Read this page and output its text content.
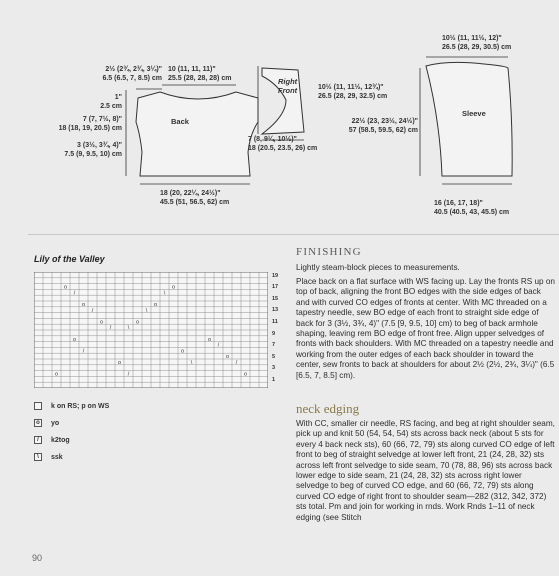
2½ (2¾, 2¾, 3¼)"
6.5 (6.5, 7, 8.5) cm
10 (11, 11, 11)"
25.5 (28, 28, 28) cm
1"
2.5 cm
7 (7, 7½, 8)"
18 (18, 19, 20.5) cm
3 (3½, 3¾, 4)"
7.5 (9, 9.5, 10) cm
Back
18 (20, 22¼, 24½)"
45.5 (51, 56.5, 62) cm
Right
Front	10½ (11, 11½, 12¾)"
26.5 (28, 29, 32.5) cm
7 (8, 9¼, 10½)"
18 (20.5, 23.5, 26) cm
10½ (11, 11½, 12)"
26.5 (28, 29, 30.5) cm
Sleeve
22½ (23, 23½, 24½)"
57 (58.5, 59.5, 62) cm
16 (16, 17, 18)"
40.5 (40.5, 43, 45.5) cm
Lily of the Valley
o
/
o
/
o
/
o
\
o
\
o
\
o
/
o
/
o
o
/	o
\
o
/
o
19
17
15
13
11
9
7
5
3
1
k on RS; p on WS
o	yo
/	k2tog
\	ssk
FINISHING
Lightly steam-block pieces to measurements.
Place back on a flat surface with WS facing up. Lay the fronts RS up on top of back, aligning the front BO edges with the side edges of back and with curved CO edges of fronts at center. With MC threaded on a tapestry needle, sew BO edge of each front to straight side edge of back for 3 (3½, 3¾, 4)" (7.5 [9, 9.5, 10] cm) to beg of back armhole shaping, leaving rem BO edge of front free. Align upper selvedges of fronts with back shoulders. With MC threaded on a tapestry needle and working from the outer edges of each back shoulder in toward the center, sew fronts to back at shoulders for about 2½ (2½, 2¾, 3¼)" (6.5 [6.5, 7, 8.5] cm).
neck edging
With CC, smaller cir needle, RS facing, and beg at right shoulder seam, pick up and knit 50 (54, 54, 54) sts across back neck (about 5 sts for every 4 back neck sts), 60 (66, 72, 79) sts along curved CO edge of left front to beg of straight selvedge at lower left front, 21 (24, 28, 32) sts across left front selvedge to side seam, 70 (78, 88, 96) sts across back lower edge to side seam, 21 (24, 28, 32) sts across right lower selvedge to beg of curved CO edge, and 60 (66, 72, 79) sts along curved CO edge of right front to shoulder seam—282 (312, 342, 372) sts total. Pm and join for working in rnds. Work Rnds 1–11 of neck edging (see Stitch
90
